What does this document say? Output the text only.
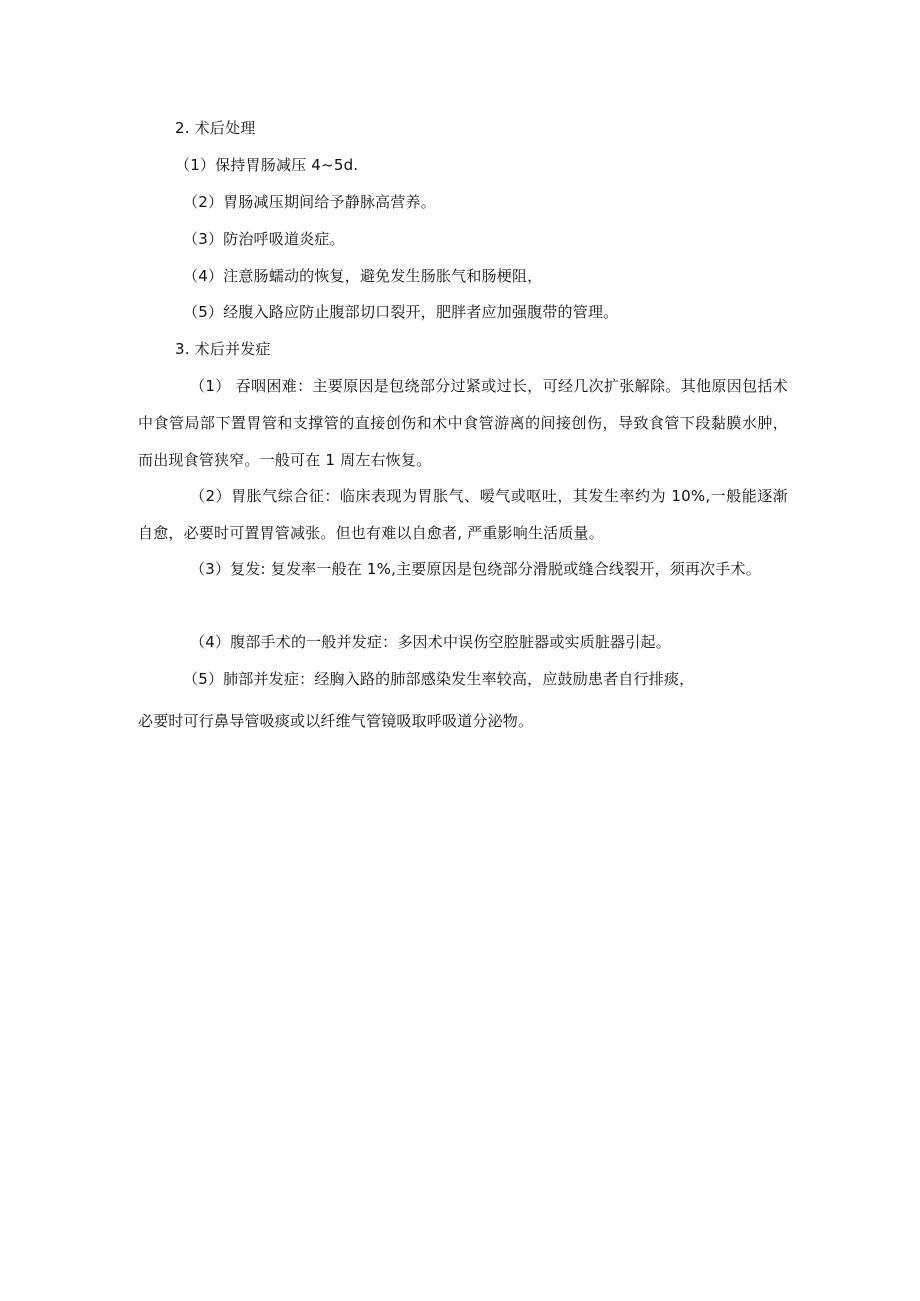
2. 术后处理
（1）保持胃肠减压 4~5d.
（2）胃肠减压期间给予静脉高营养。
（3）防治呼吸道炎症。
（4）注意肠蠕动的恢复，避免发生肠胀气和肠梗阻，
（5）经腹入路应防止腹部切口裂开，肥胖者应加强腹带的管理。
3. 术后并发症
（1） 吞咽困难：主要原因是包绕部分过紧或过长，可经几次扩张解除。其他原因包括术中食管局部下置胃管和支撑管的直接创伤和术中食管游离的间接创伤，导致食管下段黏膜水肿，而出现食管狭窄。一般可在 1 周左右恢复。
（2）胃胀气综合征：临床表现为胃胀气、嗳气或呕吐，其发生率约为 10%,一般能逐渐自愈，必要时可置胃管减张。但也有难以自愈者, 严重影响生活质量。
（3）复发: 复发率一般在 1%,主要原因是包绕部分滑脱或缝合线裂开，须再次手术。
（4）腹部手术的一般并发症：多因术中误伤空腔脏器或实质脏器引起。
（5）肺部并发症：经胸入路的肺部感染发生率较高，应鼓励患者自行排痰，
必要时可行鼻导管吸痰或以纤维气管镜吸取呼吸道分泌物。
